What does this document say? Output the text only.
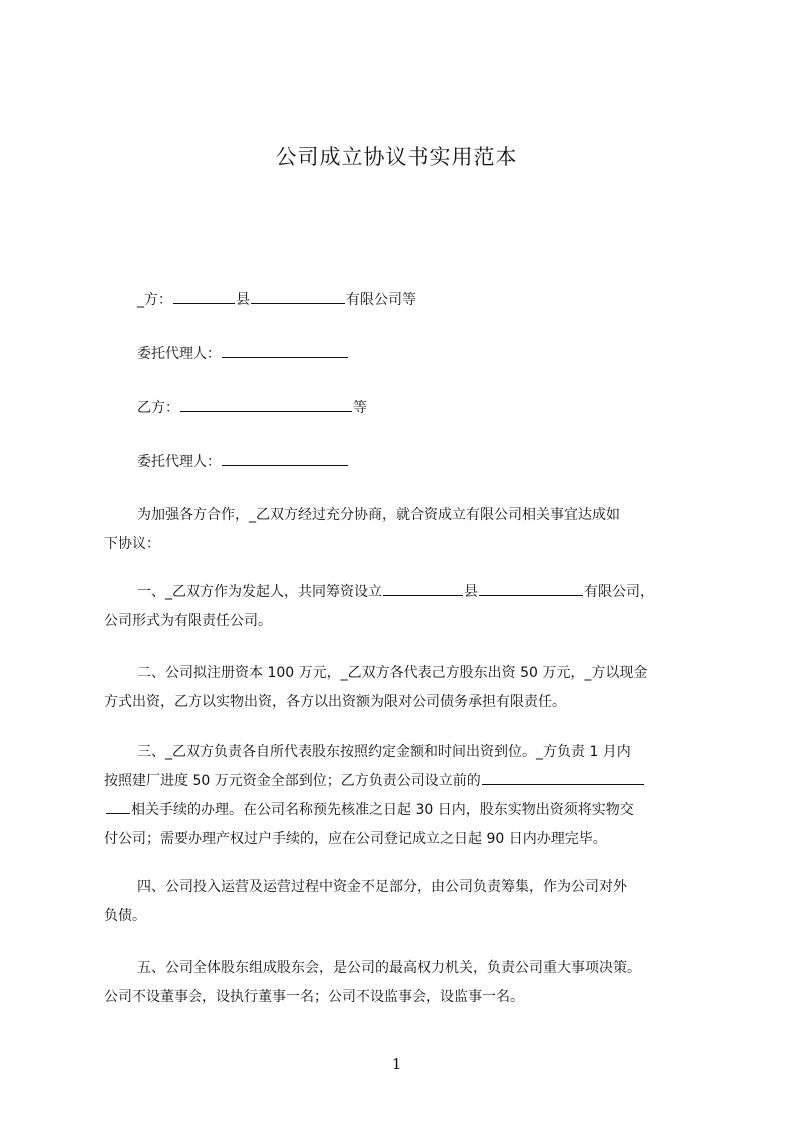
公司成立协议书实用范本
_方：	县	有限公司等
委托代理人：
乙方：	等
委托代理人：
为加强各方合作，_乙双方经过充分协商，就合资成立有限公司相关事宜达成如
下协议：
一、_乙双方作为发起人，共同筹资设立	县	有限公司，
公司形式为有限责任公司。
二、公司拟注册资本 100 万元，_乙双方各代表己方股东出资 50 万元，_方以现金
方式出资，乙方以实物出资，各方以出资额为限对公司债务承担有限责任。
三、_乙双方负责各自所代表股东按照约定金额和时间出资到位。_方负责 1 月内
按照建厂进度 50 万元资金全部到位；乙方负责公司设立前的
相关手续的办理。在公司名称预先核准之日起 30 日内，股东实物出资须将实物交
付公司；需要办理产权过户手续的，应在公司登记成立之日起 90 日内办理完毕。
四、公司投入运营及运营过程中资金不足部分，由公司负责筹集，作为公司对外
负债。
五、公司全体股东组成股东会，是公司的最高权力机关，负责公司重大事项决策。
公司不设董事会，设执行董事一名；公司不设监事会，设监事一名。
1
